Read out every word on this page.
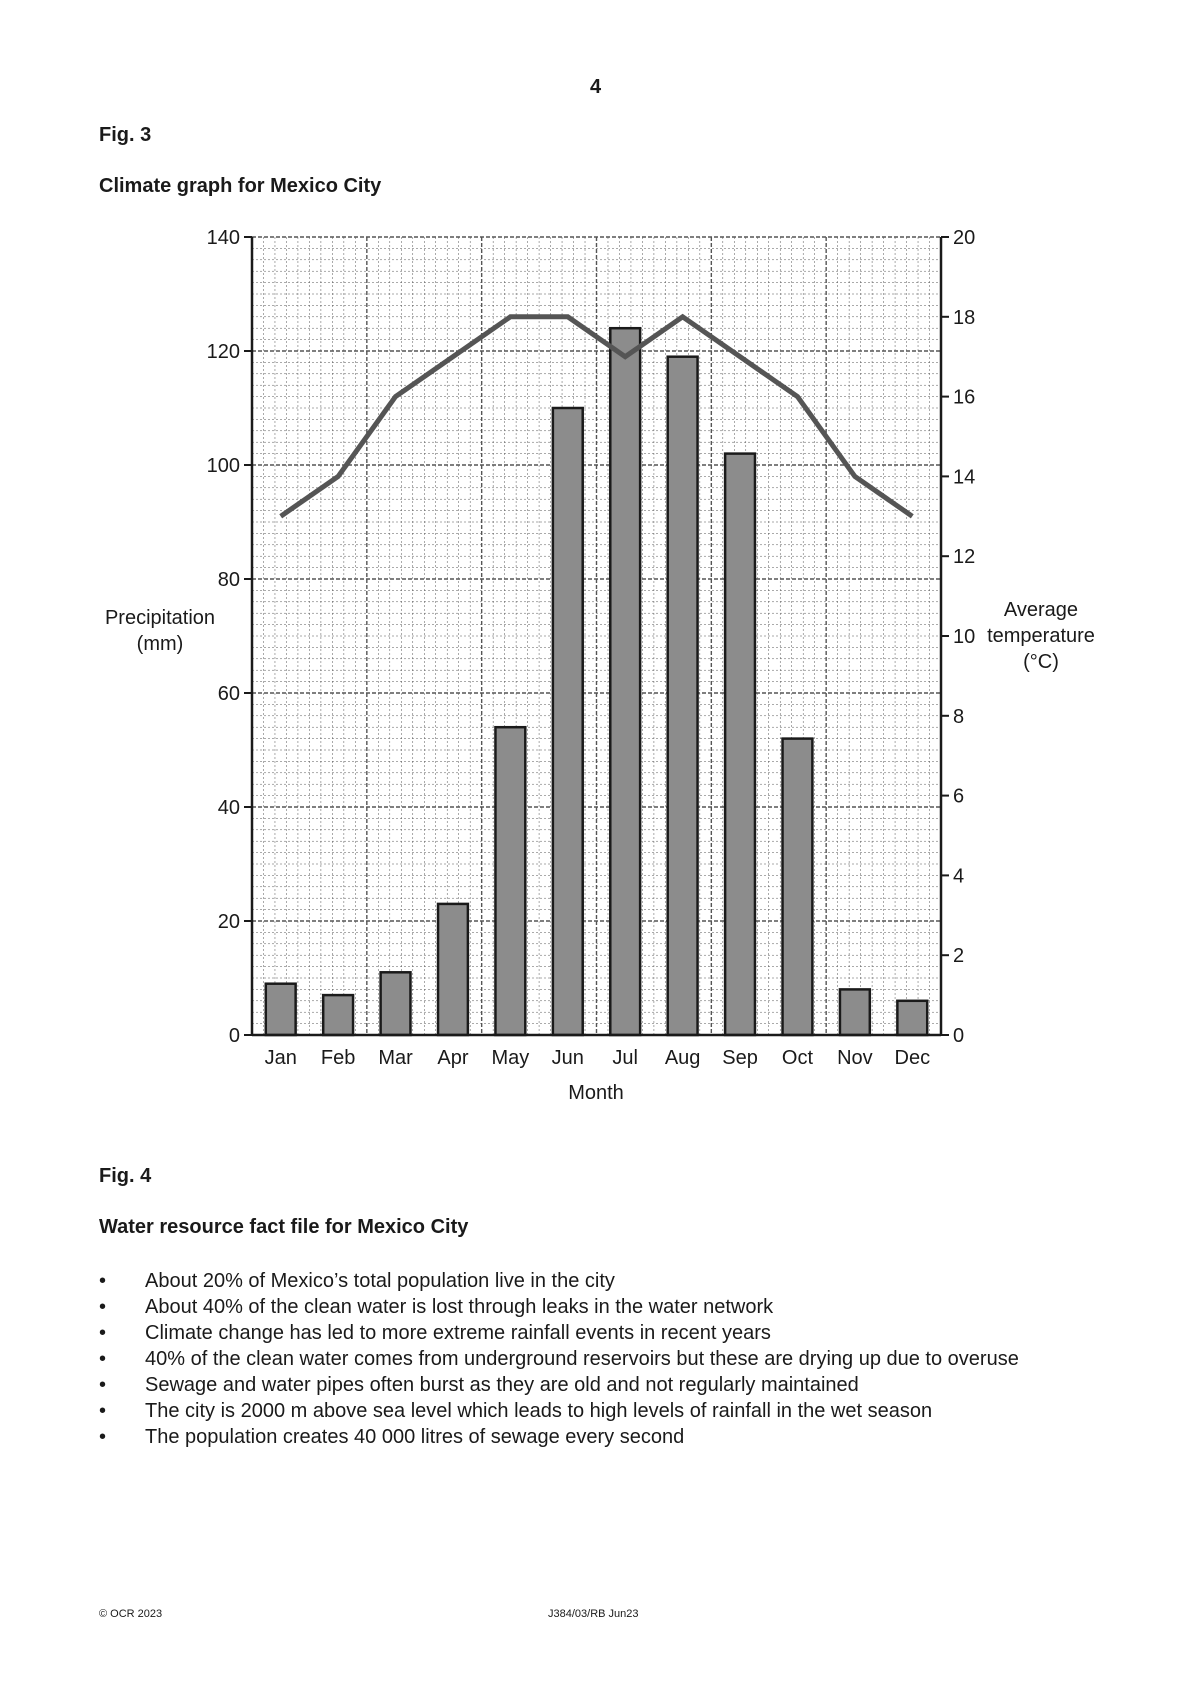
4
Fig. 3
Climate graph for Mexico City
0
20
40
60
80
100
120
140
0
2
4
6
8
10
12
14
16
18
20
Jan Feb Mar Apr May Jun Jul Aug Sep Oct Nov Dec
Month
Precipitation
(mm)
Average
temperature
(°C)
Fig. 4
Water resource fact file for Mexico City
• About 20% of Mexico’s total population live in the city
• About 40% of the clean water is lost through leaks in the water network
• Climate change has led to more extreme rainfall events in recent years
• 40% of the clean water comes from underground reservoirs but these are drying up due to overuse
• Sewage and water pipes often burst as they are old and not regularly maintained
• The city is 2000 m above sea level which leads to high levels of rainfall in the wet season
• The population creates 40 000 litres of sewage every second
© OCR 2023	J384/03/RB Jun23
